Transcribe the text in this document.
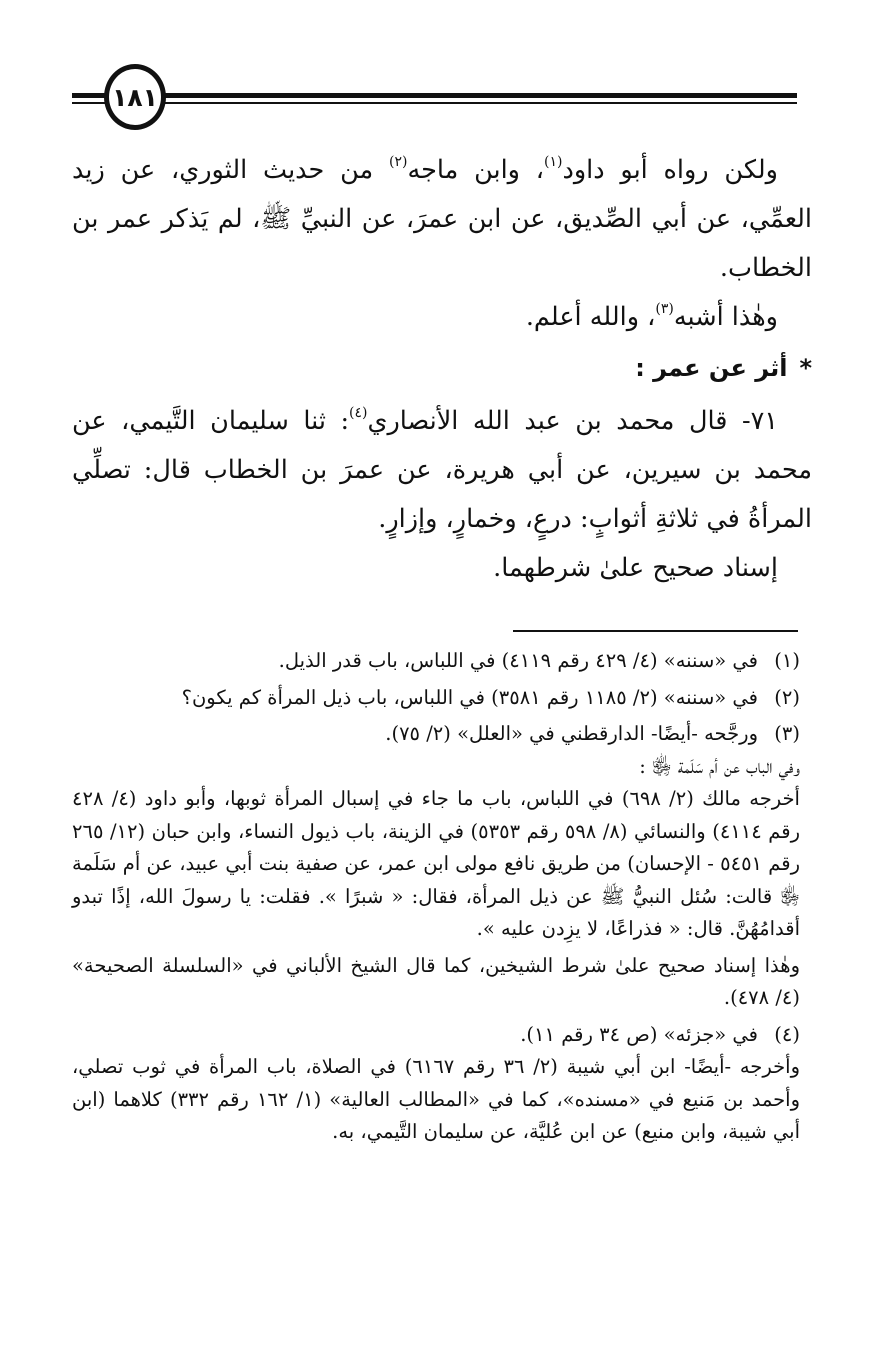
١٨١

ولكن رواه أبو داود$^{(١)}$، وابن ماجه$^{(٢)}$ من حديث الثوري، عن زيد العمِّي، عن أبي الصِّديق، عن ابن عمرَ، عن النبيِّ ﷺ، لم يَذكر عمر بن الخطاب.

وهٰذا أشبه$^{(٣)}$، والله أعلم.

*أثر عن عمر :

٧١- قال محمد بن عبد الله الأنصاري$^{(٤)}$: ثنا سليمان التَّيمي، عن محمد بن سيرين، عن أبي هريرة، عن عمرَ بن الخطاب قال: تصلِّي المرأةُ في ثلاثةِ أثوابٍ: درعٍ، وخمارٍ، وإزارٍ.

إسناد صحيح علىٰ شرطهما.

(١)في «سننه» (٤/ ٤٢٩ رقم ٤١١٩) في اللباس، باب قدر الذيل.

(٢)في «سننه» (٢/ ١١٨٥ رقم ٣٥٨١) في اللباس، باب ذيل المرأة كم يكون؟

(٣)ورجَّحه -أيضًا- الدارقطني في «العلل» (٢/ ٧٥).

وفي الباب عن أم سَلَمة ﵂ :

أخرجه مالك (٢/ ٦٩٨) في اللباس، باب ما جاء في إسبال المرأة ثوبها، وأبو داود (٤/ ٤٢٨ رقم ٤١١٤) والنسائي (٨/ ٥٩٨ رقم ٥٣٥٣) في الزينة، باب ذيول النساء، وابن حبان (١٢/ ٢٦٥ رقم ٥٤٥١ - الإحسان) من طريق نافع مولى ابن عمر، عن صفية بنت أبي عبيد، عن أم سَلَمة ﵂ قالت: سُئل النبيُّ ﷺ عن ذيل المرأة، فقال: « شبرًا ». فقلت: يا رسولَ الله، إذًا تبدو أقدامُهُنَّ. قال: « فذراعًا، لا يزِدن عليه ».

وهٰذا إسناد صحيح علىٰ شرط الشيخين، كما قال الشيخ الألباني في «السلسلة الصحيحة» (٤/ ٤٧٨).

(٤)في «جزئه» (ص ٣٤ رقم ١١).

وأخرجه -أيضًا- ابن أبي شيبة (٢/ ٣٦ رقم ٦١٦٧) في الصلاة، باب المرأة في ثوب تصلي، وأحمد بن مَنيع في «مسنده»، كما في «المطالب العالية» (١/ ١٦٢ رقم ٣٣٢) كلاهما (ابن أبي شيبة، وابن منيع) عن ابن عُليَّة، عن سليمان التَّيمي، به.
